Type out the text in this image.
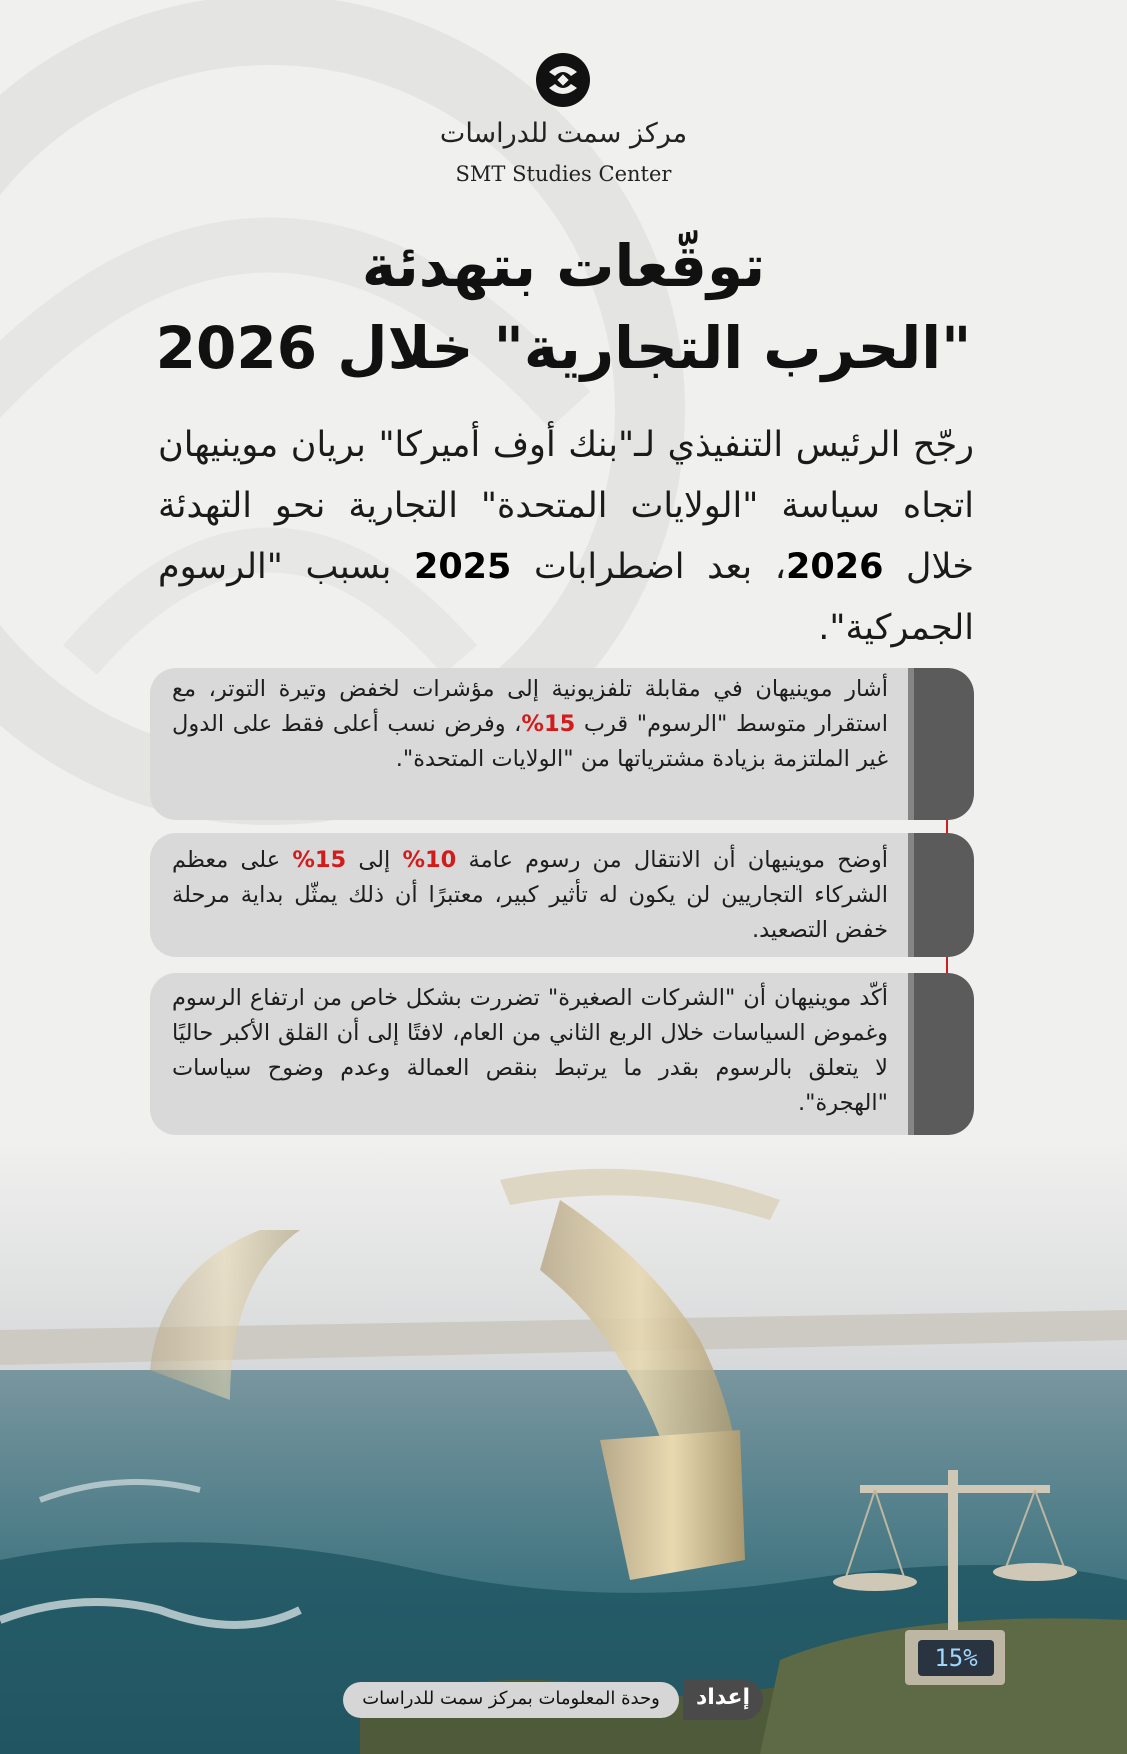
15%
مركز سمت للدراسات
SMT Studies Center
توقّعات بتهدئة
"الحرب التجارية" خلال 2026
رجّح الرئيس التنفيذي لـ"بنك أوف أميركا" بريان موينيهان اتجاه سياسة "الولايات المتحدة" التجارية نحو التهدئة خلال 2026، بعد اضطرابات 2025 بسبب "الرسوم الجمركية".
أشار موينيهان في مقابلة تلفزيونية إلى مؤشرات لخفض وتيرة التوتر، مع استقرار متوسط "الرسوم" قرب 15%، وفرض نسب أعلى فقط على الدول غير الملتزمة بزيادة مشترياتها من "الولايات المتحدة".
أوضح موينيهان أن الانتقال من رسوم عامة 10% إلى 15% على معظم الشركاء التجاريين لن يكون له تأثير كبير، معتبرًا أن ذلك يمثّل بداية مرحلة خفض التصعيد.
أكّد موينيهان أن "الشركات الصغيرة" تضررت بشكل خاص من ارتفاع الرسوم وغموض السياسات خلال الربع الثاني من العام، لافتًا إلى أن القلق الأكبر حاليًا لا يتعلق بالرسوم بقدر ما يرتبط بنقص العمالة وعدم وضوح سياسات "الهجرة".
وحدة المعلومات بمركز سمت للدراسات	إعداد
